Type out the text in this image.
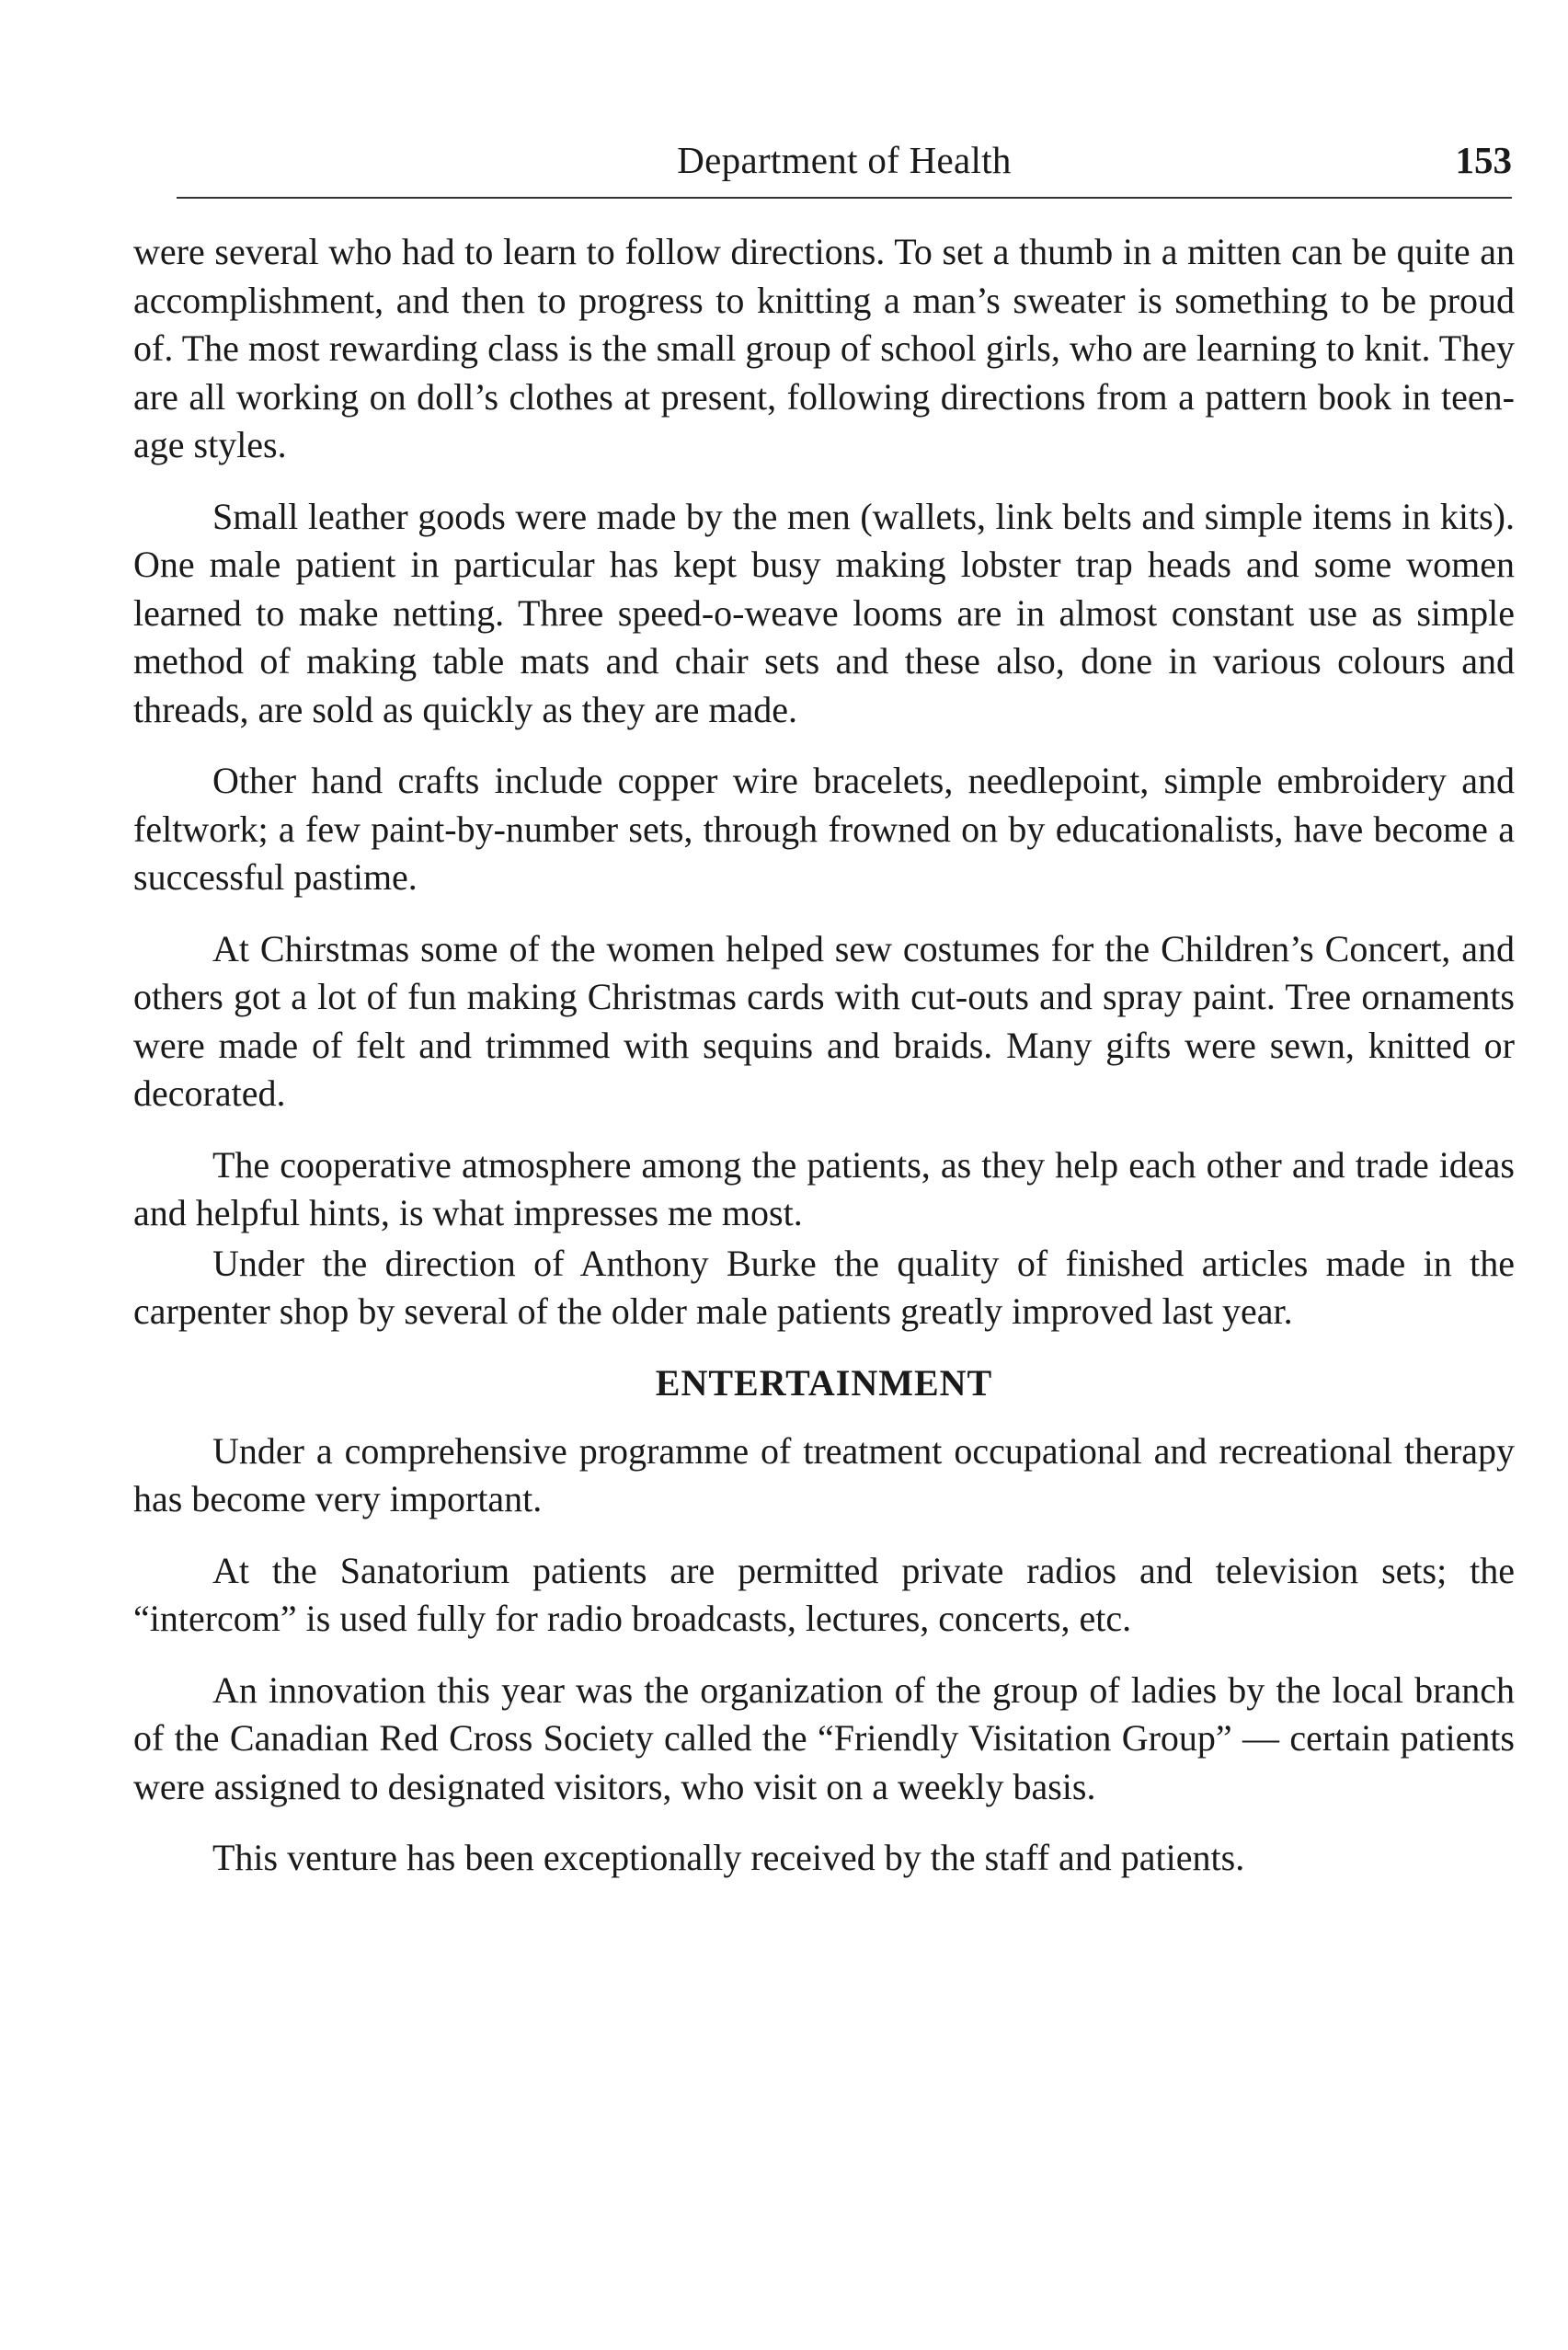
Department of Health	153

were several who had to learn to follow directions. To set a thumb in a mitten can be quite an accomplishment, and then to progress to knitting a man’s sweater is something to be proud of. The most rewarding class is the small group of school girls, who are learning to knit. They are all working on doll’s clothes at present, following directions from a pattern book in teen-age styles.

Small leather goods were made by the men (wallets, link belts and simple items in kits). One male patient in particular has kept busy making lobster trap heads and some women learned to make netting. Three speed-o-weave looms are in almost constant use as simple method of making table mats and chair sets and these also, done in various colours and threads, are sold as quickly as they are made.

Other hand crafts include copper wire bracelets, needlepoint, simple embroidery and feltwork; a few paint-by-number sets, through frowned on by educationalists, have become a successful pastime.

At Chirstmas some of the women helped sew costumes for the Children’s Concert, and others got a lot of fun making Christmas cards with cut-outs and spray paint. Tree ornaments were made of felt and trimmed with sequins and braids. Many gifts were sewn, knitted or decorated.

The cooperative atmosphere among the patients, as they help each other and trade ideas and helpful hints, is what impresses me most.

Under the direction of Anthony Burke the quality of finished articles made in the carpenter shop by several of the older male patients greatly improved last year.

ENTERTAINMENT

Under a comprehensive programme of treatment occupational and recreational therapy has become very important.

At the Sanatorium patients are permitted private radios and television sets; the “intercom” is used fully for radio broadcasts, lectures, concerts, etc.

An innovation this year was the organization of the group of ladies by the local branch of the Canadian Red Cross Society called the “Friendly Visitation Group” — certain patients were assigned to designated visitors, who visit on a weekly basis.

This venture has been exceptionally received by the staff and patients.
